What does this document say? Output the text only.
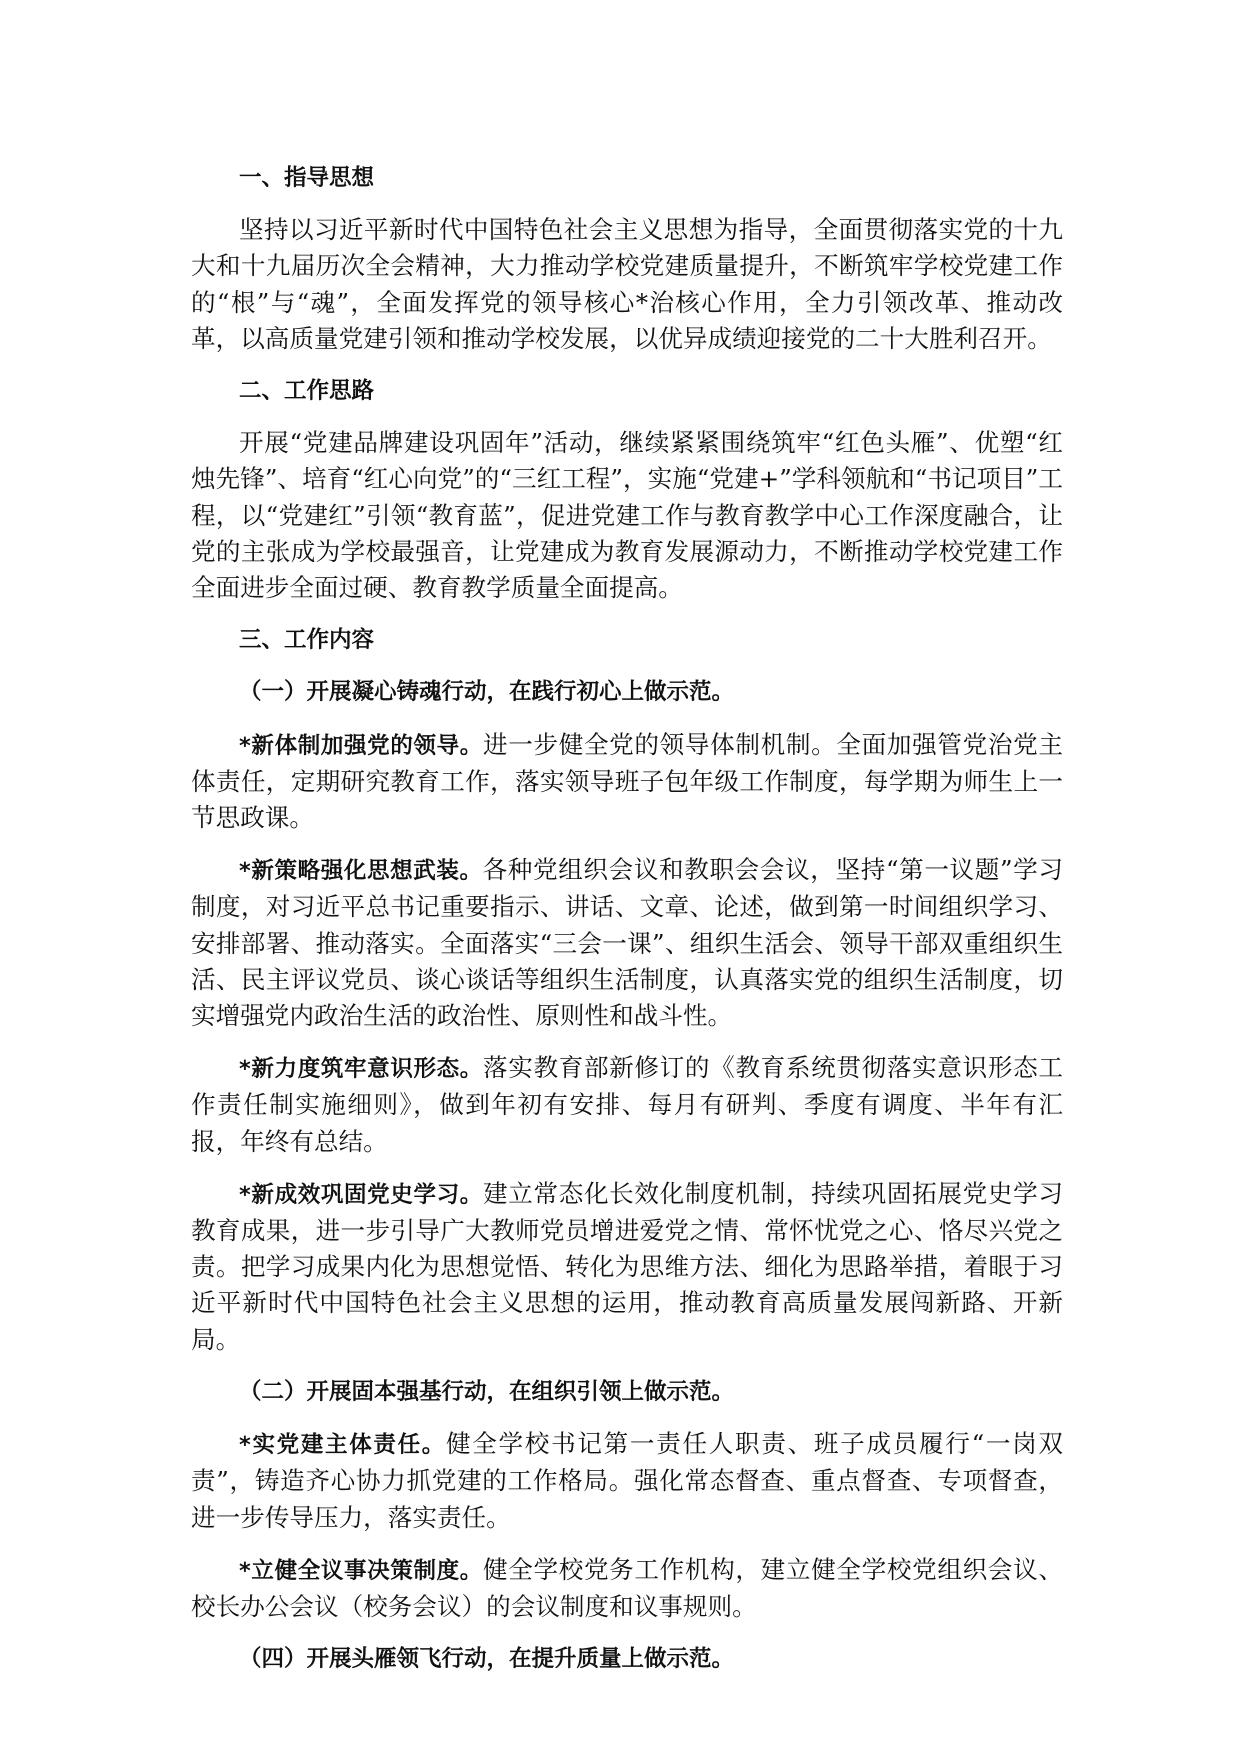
一、指导思想

坚持以习近平新时代中国特色社会主义思想为指导，全面贯彻落实党的十九大和十九届历次全会精神，大力推动学校党建质量提升，不断筑牢学校党建工作的“根”与“魂”，全面发挥党的领导核心*治核心作用，全力引领改革、推动改革，以高质量党建引领和推动学校发展，以优异成绩迎接党的二十大胜利召开。

二、工作思路

开展“党建品牌建设巩固年”活动，继续紧紧围绕筑牢“红色头雁”、优塑“红烛先锋”、培育“红心向党”的“三红工程”，实施“党建+”学科领航和“书记项目”工程，以“党建红”引领“教育蓝”，促进党建工作与教育教学中心工作深度融合，让党的主张成为学校最强音，让党建成为教育发展源动力，不断推动学校党建工作全面进步全面过硬、教育教学质量全面提高。

三、工作内容

（一）开展凝心铸魂行动，在践行初心上做示范。

*新体制加强党的领导。进一步健全党的领导体制机制。全面加强管党治党主体责任，定期研究教育工作，落实领导班子包年级工作制度，每学期为师生上一节思政课。

*新策略强化思想武装。各种党组织会议和教职会会议，坚持“第一议题”学习制度，对习近平总书记重要指示、讲话、文章、论述，做到第一时间组织学习、安排部署、推动落实。全面落实“三会一课”、组织生活会、领导干部双重组织生活、民主评议党员、谈心谈话等组织生活制度，认真落实党的组织生活制度，切实增强党内政治生活的政治性、原则性和战斗性。

*新力度筑牢意识形态。落实教育部新修订的《教育系统贯彻落实意识形态工作责任制实施细则》，做到年初有安排、每月有研判、季度有调度、半年有汇报，年终有总结。

*新成效巩固党史学习。建立常态化长效化制度机制，持续巩固拓展党史学习教育成果，进一步引导广大教师党员增进爱党之情、常怀忧党之心、恪尽兴党之责。把学习成果内化为思想觉悟、转化为思维方法、细化为思路举措，着眼于习近平新时代中国特色社会主义思想的运用，推动教育高质量发展闯新路、开新局。

（二）开展固本强基行动，在组织引领上做示范。

*实党建主体责任。健全学校书记第一责任人职责、班子成员履行“一岗双责”，铸造齐心协力抓党建的工作格局。强化常态督查、重点督查、专项督查，进一步传导压力，落实责任。

*立健全议事决策制度。健全学校党务工作机构，建立健全学校党组织会议、校长办公会议（校务会议）的会议制度和议事规则。

（四）开展头雁领飞行动，在提升质量上做示范。
